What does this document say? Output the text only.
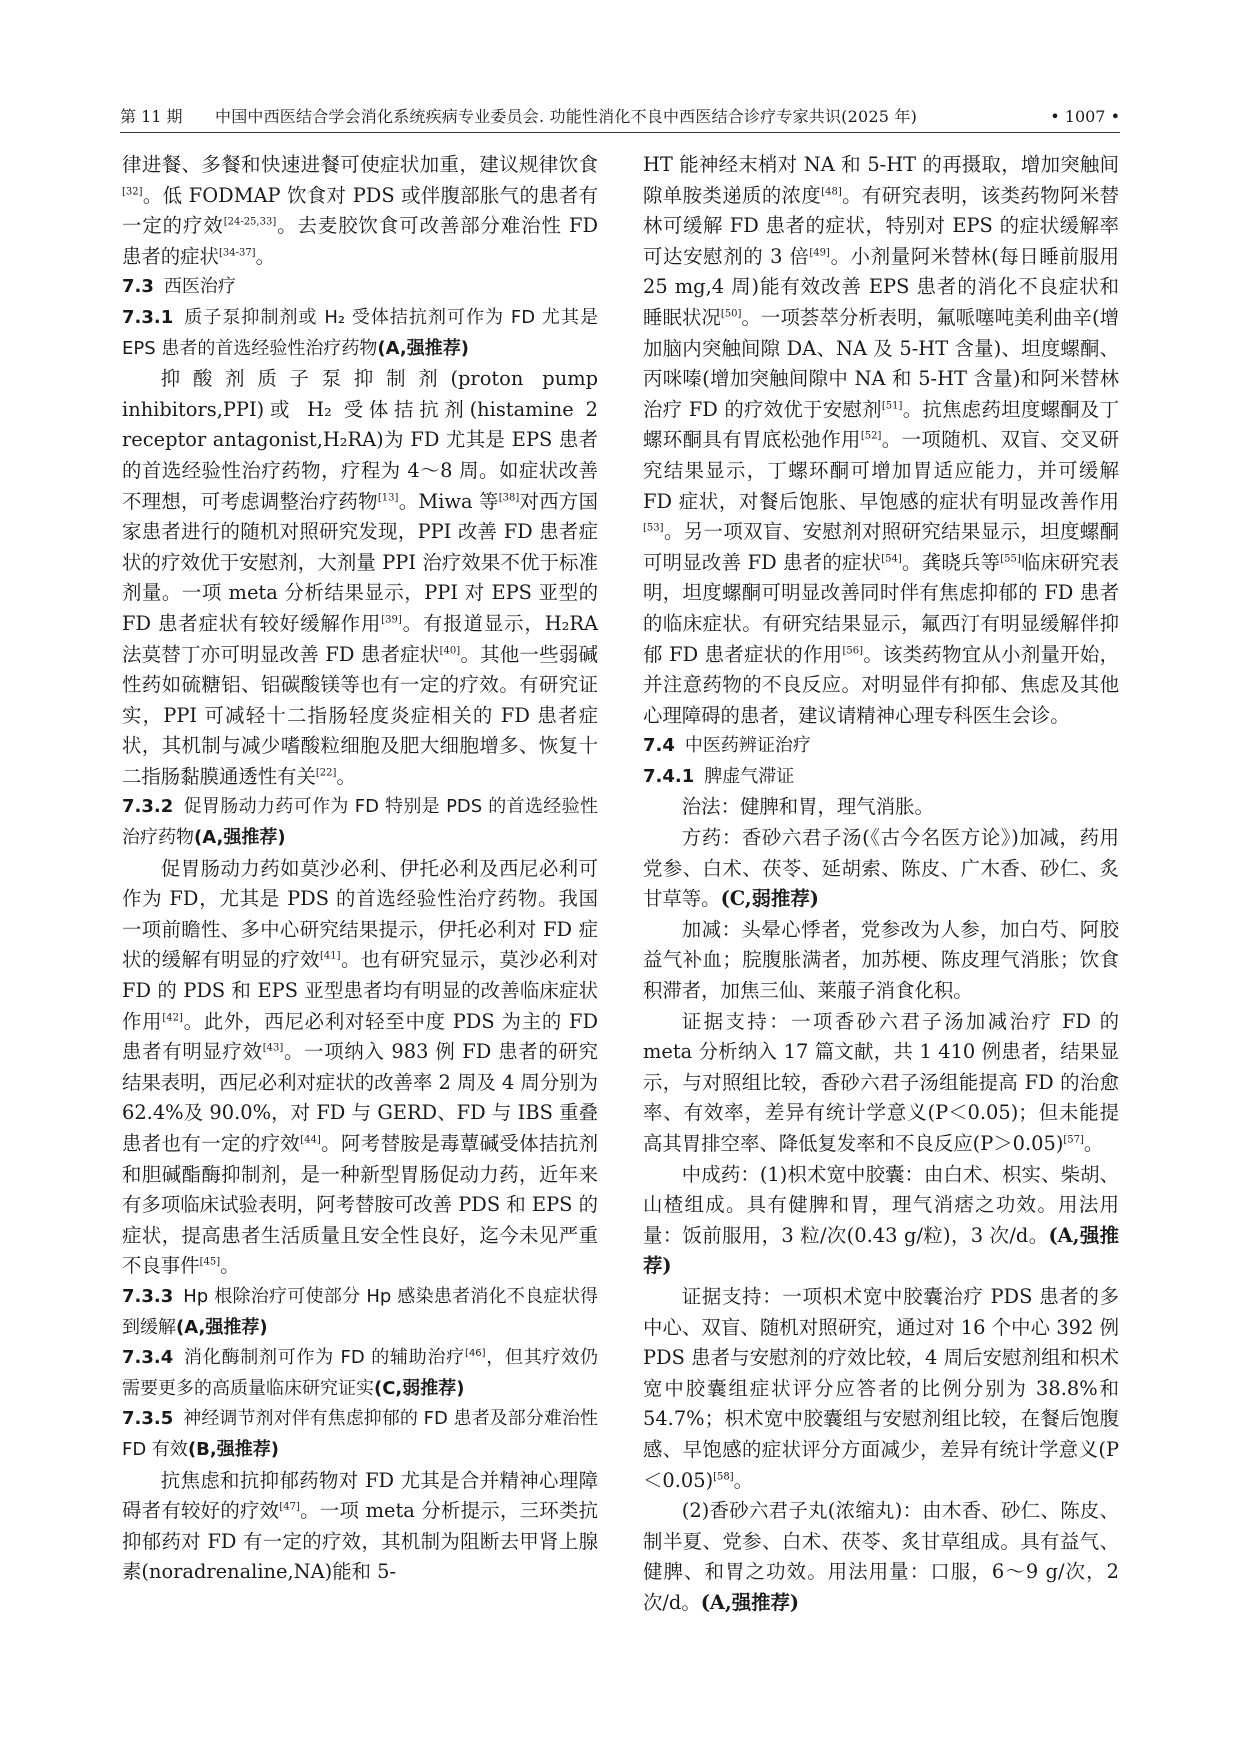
第 11 期 中国中西医结合学会消化系统疾病专业委员会. 功能性消化不良中西医结合诊疗专家共识(2025 年)	• 1007 •

律进餐、多餐和快速进餐可使症状加重，建议规律饮食[32]。低 FODMAP 饮食对 PDS 或伴腹部胀气的患者有一定的疗效[24-25,33]。去麦胶饮食可改善部分难治性 FD 患者的症状[34-37]。

7.3 西医治疗

7.3.1 质子泵抑制剂或 H₂ 受体拮抗剂可作为 FD 尤其是 EPS 患者的首选经验性治疗药物(A,强推荐)

抑酸剂质子泵抑制剂(proton pump inhibitors,PPI)或 H₂ 受体拮抗剂(histamine 2 receptor antagonist,H₂RA)为 FD 尤其是 EPS 患者的首选经验性治疗药物，疗程为 4～8 周。如症状改善不理想，可考虑调整治疗药物[13]。Miwa 等[38]对西方国家患者进行的随机对照研究发现，PPI 改善 FD 患者症状的疗效优于安慰剂，大剂量 PPI 治疗效果不优于标准剂量。一项 meta 分析结果显示，PPI 对 EPS 亚型的 FD 患者症状有较好缓解作用[39]。有报道显示，H₂RA 法莫替丁亦可明显改善 FD 患者症状[40]。其他一些弱碱性药如硫糖铝、铝碳酸镁等也有一定的疗效。有研究证实，PPI 可减轻十二指肠轻度炎症相关的 FD 患者症状，其机制与减少嗜酸粒细胞及肥大细胞增多、恢复十二指肠黏膜通透性有关[22]。

7.3.2 促胃肠动力药可作为 FD 特别是 PDS 的首选经验性治疗药物(A,强推荐)

促胃肠动力药如莫沙必利、伊托必利及西尼必利可作为 FD，尤其是 PDS 的首选经验性治疗药物。我国一项前瞻性、多中心研究结果提示，伊托必利对 FD 症状的缓解有明显的疗效[41]。也有研究显示，莫沙必利对 FD 的 PDS 和 EPS 亚型患者均有明显的改善临床症状作用[42]。此外，西尼必利对轻至中度 PDS 为主的 FD 患者有明显疗效[43]。一项纳入 983 例 FD 患者的研究结果表明，西尼必利对症状的改善率 2 周及 4 周分别为 62.4%及 90.0%，对 FD 与 GERD、FD 与 IBS 重叠患者也有一定的疗效[44]。阿考替胺是毒蕈碱受体拮抗剂和胆碱酯酶抑制剂，是一种新型胃肠促动力药，近年来有多项临床试验表明，阿考替胺可改善 PDS 和 EPS 的症状，提高患者生活质量且安全性良好，迄今未见严重不良事件[45]。

7.3.3 Hp 根除治疗可使部分 Hp 感染患者消化不良症状得到缓解(A,强推荐)

7.3.4 消化酶制剂可作为 FD 的辅助治疗[46]，但其疗效仍需要更多的高质量临床研究证实(C,弱推荐)

7.3.5 神经调节剂对伴有焦虑抑郁的 FD 患者及部分难治性 FD 有效(B,强推荐)

抗焦虑和抗抑郁药物对 FD 尤其是合并精神心理障碍者有较好的疗效[47]。一项 meta 分析提示，三环类抗抑郁药对 FD 有一定的疗效，其机制为阻断去甲肾上腺素(noradrenaline,NA)能和 5-

HT 能神经末梢对 NA 和 5-HT 的再摄取，增加突触间隙单胺类递质的浓度[48]。有研究表明，该类药物阿米替林可缓解 FD 患者的症状，特别对 EPS 的症状缓解率可达安慰剂的 3 倍[49]。小剂量阿米替林(每日睡前服用 25 mg,4 周)能有效改善 EPS 患者的消化不良症状和睡眠状况[50]。一项荟萃分析表明，氟哌噻吨美利曲辛(增加脑内突触间隙 DA、NA 及 5-HT 含量)、坦度螺酮、丙咪嗪(增加突触间隙中 NA 和 5-HT 含量)和阿米替林治疗 FD 的疗效优于安慰剂[51]。抗焦虑药坦度螺酮及丁螺环酮具有胃底松弛作用[52]。一项随机、双盲、交叉研究结果显示，丁螺环酮可增加胃适应能力，并可缓解 FD 症状，对餐后饱胀、早饱感的症状有明显改善作用[53]。另一项双盲、安慰剂对照研究结果显示，坦度螺酮可明显改善 FD 患者的症状[54]。龚晓兵等[55]临床研究表明，坦度螺酮可明显改善同时伴有焦虑抑郁的 FD 患者的临床症状。有研究结果显示，氟西汀有明显缓解伴抑郁 FD 患者症状的作用[56]。该类药物宜从小剂量开始，并注意药物的不良反应。对明显伴有抑郁、焦虑及其他心理障碍的患者，建议请精神心理专科医生会诊。

7.4 中医药辨证治疗

7.4.1 脾虚气滞证

治法：健脾和胃，理气消胀。

方药：香砂六君子汤(《古今名医方论》)加减，药用党参、白术、茯苓、延胡索、陈皮、广木香、砂仁、炙甘草等。(C,弱推荐)

加减：头晕心悸者，党参改为人参，加白芍、阿胶益气补血；脘腹胀满者，加苏梗、陈皮理气消胀；饮食积滞者，加焦三仙、莱菔子消食化积。

证据支持：一项香砂六君子汤加减治疗 FD 的 meta 分析纳入 17 篇文献，共 1 410 例患者，结果显示，与对照组比较，香砂六君子汤组能提高 FD 的治愈率、有效率，差异有统计学意义(P＜0.05)；但未能提高其胃排空率、降低复发率和不良反应(P＞0.05)[57]。

中成药：(1)枳术宽中胶囊：由白术、枳实、柴胡、山楂组成。具有健脾和胃，理气消痞之功效。用法用量：饭前服用，3 粒/次(0.43 g/粒)，3 次/d。(A,强推荐)

证据支持：一项枳术宽中胶囊治疗 PDS 患者的多中心、双盲、随机对照研究，通过对 16 个中心 392 例 PDS 患者与安慰剂的疗效比较，4 周后安慰剂组和枳术宽中胶囊组症状评分应答者的比例分别为 38.8%和 54.7%；枳术宽中胶囊组与安慰剂组比较，在餐后饱腹感、早饱感的症状评分方面减少，差异有统计学意义(P＜0.05)[58]。

(2)香砂六君子丸(浓缩丸)：由木香、砂仁、陈皮、制半夏、党参、白术、茯苓、炙甘草组成。具有益气、健脾、和胃之功效。用法用量：口服，6～9 g/次，2 次/d。(A,强推荐)
